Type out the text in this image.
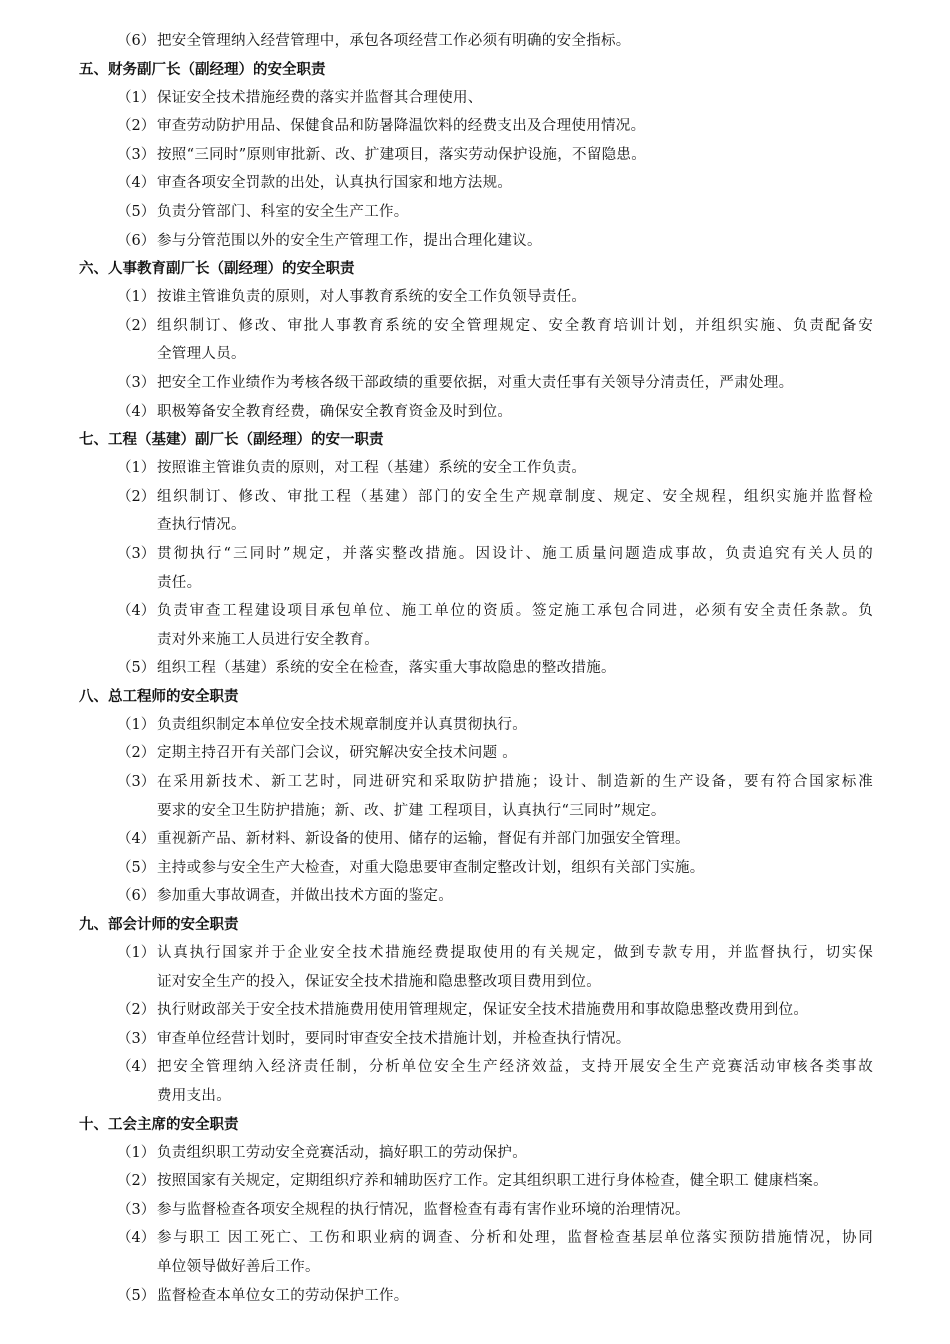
（6） 把安全管理纳入经营管理中，承包各项经营工作必须有明确的安全指标。
五、财务副厂长（副经理）的安全职责
（1） 保证安全技术措施经费的落实并监督其合理使用、
（2） 审查劳动防护用品、保健食品和防暑降温饮料的经费支出及合理使用情况。
（3） 按照“三同时”原则审批新、改、扩建项目，落实劳动保护设施，不留隐患。
（4） 审查各项安全罚款的出处，认真执行国家和地方法规。
（5） 负责分管部门、科室的安全生产工作。
（6） 参与分管范围以外的安全生产管理工作，提出合理化建议。
六、人事教育副厂长（副经理）的安全职责
（1） 按谁主管谁负责的原则，对人事教育系统的安全工作负领导责任。
（2） 组织制订、修改、审批人事教育系统的安全管理规定、安全教育培训计划，并组织实施、负责配备安
全管理人员。
（3） 把安全工作业绩作为考核各级干部政绩的重要依据，对重大责任事有关领导分清责任，严肃处理。
（4） 职极筹备安全教育经费，确保安全教育资金及时到位。
七、工程（基建）副厂长（副经理）的安一职责
（1） 按照谁主管谁负责的原则，对工程（基建）系统的安全工作负责。
（2） 组织制订、修改、审批工程（基建）部门的安全生产规章制度、规定、安全规程，组织实施并监督检
查执行情况。
（3） 贯彻执行“三同时”规定，并落实整改措施。因设计、施工质量问题造成事故，负责追究有关人员的
责任。
（4） 负责审查工程建设项目承包单位、施工单位的资质。签定施工承包合同进，必须有安全责任条款。负
责对外来施工人员进行安全教育。
（5） 组织工程（基建）系统的安全在检查，落实重大事故隐患的整改措施。
八、总工程师的安全职责
（1） 负责组织制定本单位安全技术规章制度并认真贯彻执行。
（2） 定期主持召开有关部门会议，研究解决安全技术问题 。
（3） 在采用新技术、新工艺时，同进研究和采取防护措施；设计、制造新的生产设备，要有符合国家标准
要求的安全卫生防护措施；新、改、扩建 工程项目，认真执行“三同时”规定。
（4） 重视新产品、新材料、新设备的使用、储存的运输，督促有并部门加强安全管理。
（5） 主持或参与安全生产大检查，对重大隐患要审查制定整改计划，组织有关部门实施。
（6） 参加重大事故调查，并做出技术方面的鉴定。
九、部会计师的安全职责
（1） 认真执行国家并于企业安全技术措施经费提取使用的有关规定，做到专款专用，并监督执行，切实保
证对安全生产的投入，保证安全技术措施和隐患整改项目费用到位。
（2） 执行财政部关于安全技术措施费用使用管理规定，保证安全技术措施费用和事故隐患整改费用到位。
（3） 审查单位经营计划时，要同时审查安全技术措施计划，并检查执行情况。
（4） 把安全管理纳入经济责任制，分析单位安全生产经济效益，支持开展安全生产竞赛活动审核各类事故
费用支出。
十、工会主席的安全职责
（1） 负责组织职工劳动安全竞赛活动，搞好职工的劳动保护。
（2） 按照国家有关规定，定期组织疗养和辅助医疗工作。定其组织职工进行身体检查，健全职工 健康档案。
（3） 参与监督检查各项安全规程的执行情况，监督检查有毒有害作业环境的治理情况。
（4） 参与职工 因工死亡、工伤和职业病的调查、分析和处理，监督检查基层单位落实预防措施情况，协同
单位领导做好善后工作。
（5） 监督检查本单位女工的劳动保护工作。
